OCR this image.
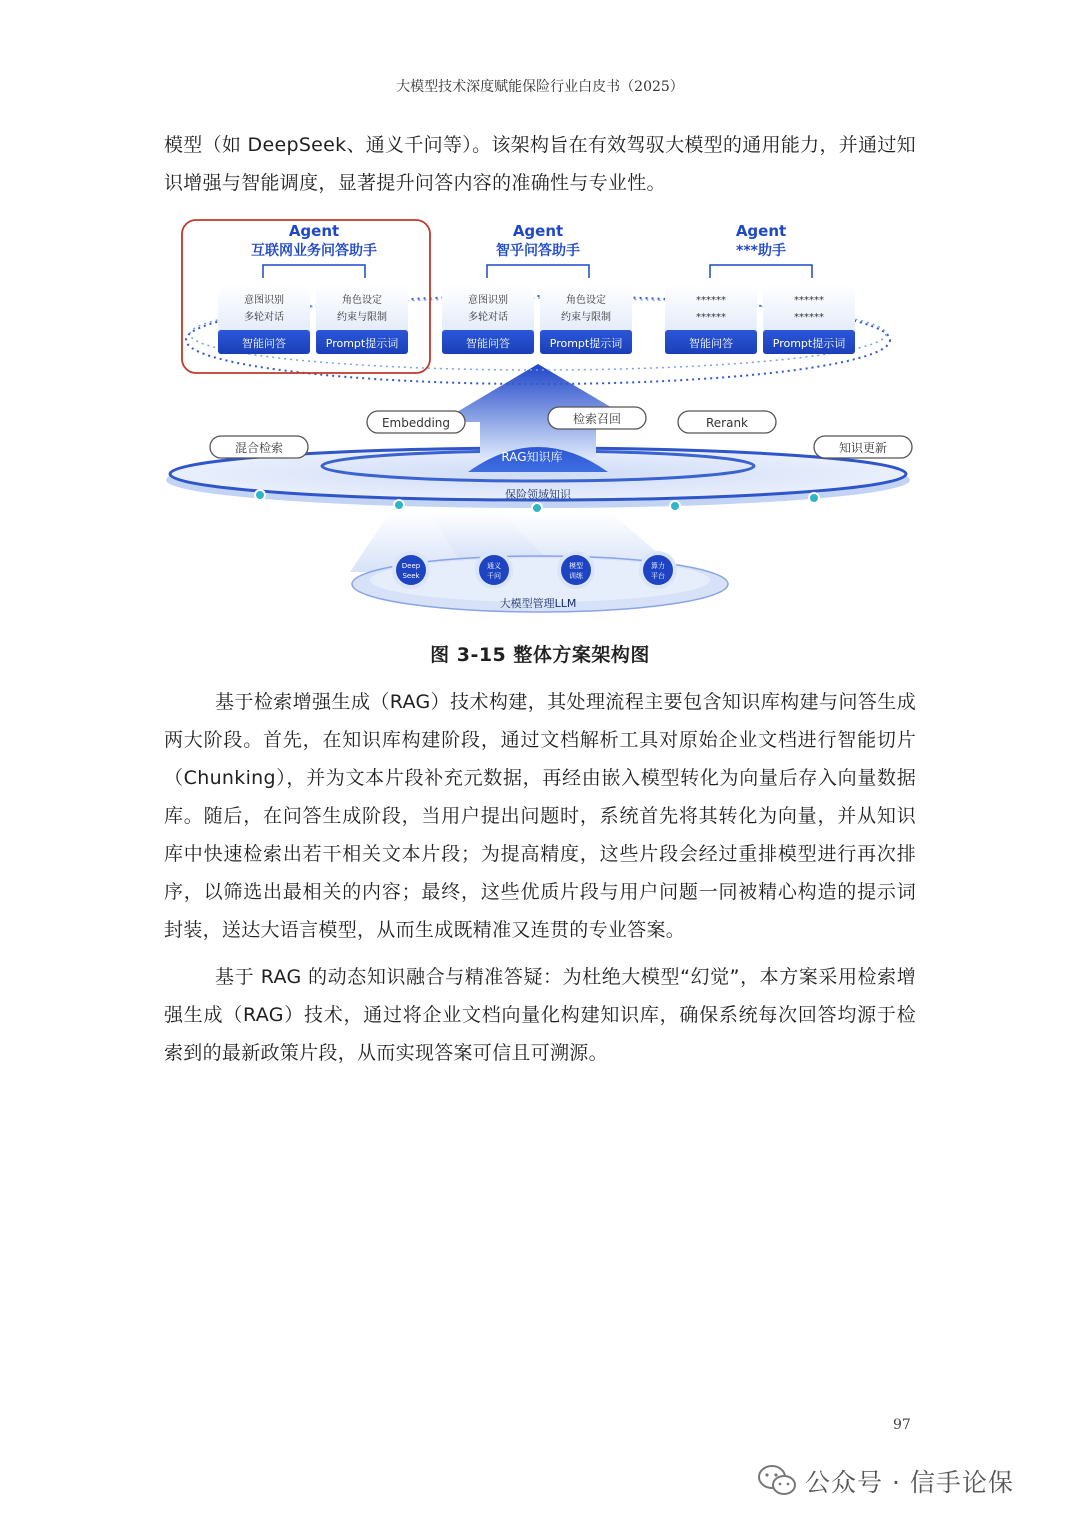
大模型技术深度赋能保险行业白皮书（2025）

模型（如 DeepSeek、通义千问等）。该架构旨在有效驾驭大模型的通用能力，并通过知识增强与智能调度，显著提升问答内容的准确性与专业性。

Agent
互联网业务问答助手
意图识别
多轮对话
智能问答
角色设定
约束与限制
Prompt提示词
Agent
智乎问答助手
意图识别
多轮对话
智能问答
角色设定
约束与限制
Prompt提示词
Agent
***助手
******
******
智能问答
******
******
Prompt提示词
Embedding	检索召回	Rerank
混合检索	知识更新
RAG知识库
保险领域知识
Deep
Seek
通义
千问
模型
训练
算力
平台
大模型管理LLM
图 3-15 整体方案架构图

基于检索增强生成（RAG）技术构建，其处理流程主要包含知识库构建与问答生成两大阶段。首先，在知识库构建阶段，通过文档解析工具对原始企业文档进行智能切片（Chunking），并为文本片段补充元数据，再经由嵌入模型转化为向量后存入向量数据库。随后，在问答生成阶段，当用户提出问题时，系统首先将其转化为向量，并从知识库中快速检索出若干相关文本片段；为提高精度，这些片段会经过重排模型进行再次排序，以筛选出最相关的内容；最终，这些优质片段与用户问题一同被精心构造的提示词封装，送达大语言模型，从而生成既精准又连贯的专业答案。

基于 RAG 的动态知识融合与精准答疑：为杜绝大模型“幻觉”，本方案采用检索增强生成（RAG）技术，通过将企业文档向量化构建知识库，确保系统每次回答均源于检索到的最新政策片段，从而实现答案可信且可溯源。

97
公众号 · 信手论保
